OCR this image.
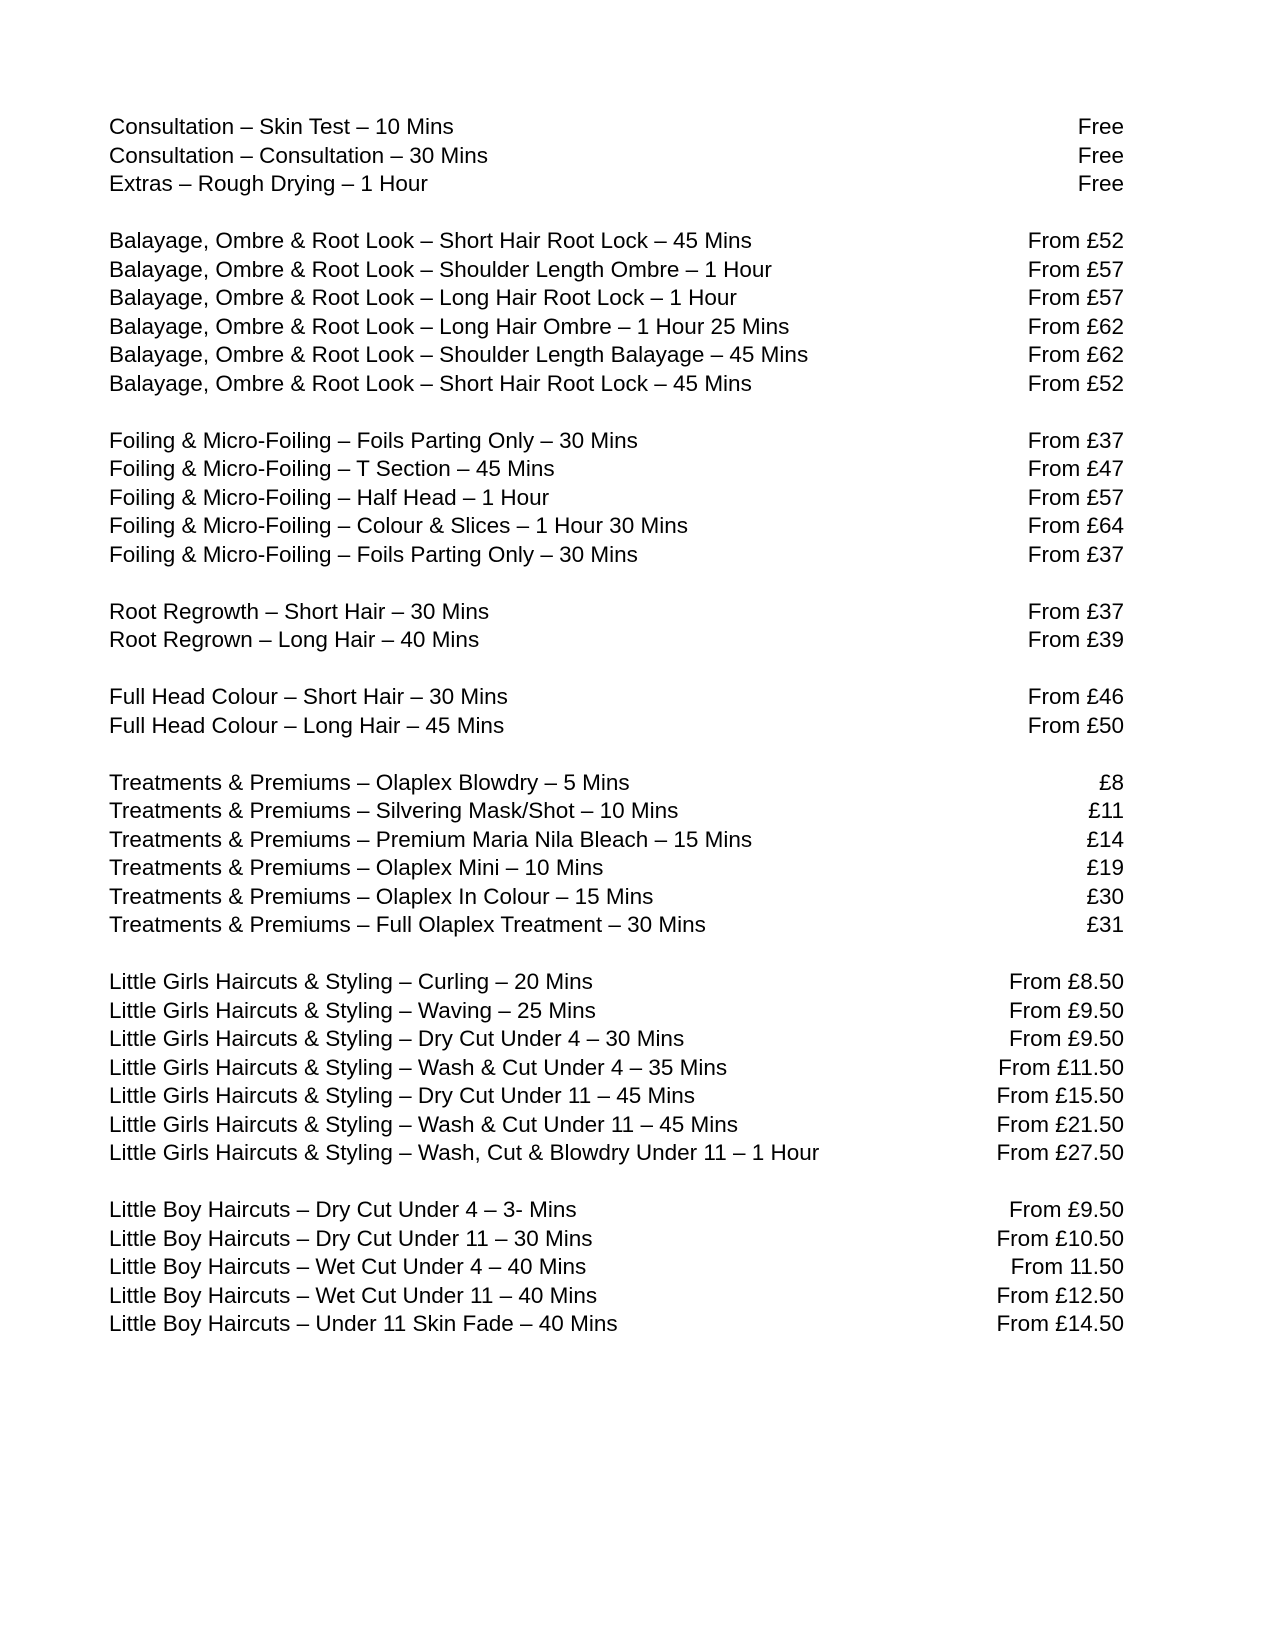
Consultation – Skin Test – 10 Mins	Free
Consultation – Consultation – 30 Mins	Free
Extras – Rough Drying – 1 Hour	Free
Balayage, Ombre & Root Look – Short Hair Root Lock – 45 Mins	From £52
Balayage, Ombre & Root Look – Shoulder Length Ombre – 1 Hour	From £57
Balayage, Ombre & Root Look – Long Hair Root Lock – 1 Hour	From £57
Balayage, Ombre & Root Look – Long Hair Ombre – 1 Hour 25 Mins	From £62
Balayage, Ombre & Root Look – Shoulder Length Balayage – 45 Mins	From £62
Balayage, Ombre & Root Look – Short Hair Root Lock – 45 Mins	From £52
Foiling & Micro-Foiling – Foils Parting Only – 30 Mins	From £37
Foiling & Micro-Foiling – T Section – 45 Mins	From £47
Foiling & Micro-Foiling – Half Head – 1 Hour	From £57
Foiling & Micro-Foiling – Colour & Slices – 1 Hour 30 Mins	From £64
Foiling & Micro-Foiling – Foils Parting Only – 30 Mins	From £37
Root Regrowth – Short Hair – 30 Mins	From £37
Root Regrown – Long Hair – 40 Mins	From £39
Full Head Colour – Short Hair – 30 Mins	From £46
Full Head Colour – Long Hair – 45 Mins	From £50
Treatments & Premiums – Olaplex Blowdry – 5 Mins	£8
Treatments & Premiums – Silvering Mask/Shot – 10 Mins	£11
Treatments & Premiums – Premium Maria Nila Bleach – 15 Mins	£14
Treatments & Premiums – Olaplex Mini – 10 Mins	£19
Treatments & Premiums – Olaplex In Colour – 15 Mins	£30
Treatments & Premiums – Full Olaplex Treatment – 30 Mins	£31
Little Girls Haircuts & Styling – Curling – 20 Mins	From £8.50
Little Girls Haircuts & Styling – Waving – 25 Mins	From £9.50
Little Girls Haircuts & Styling – Dry Cut Under 4 – 30 Mins	From £9.50
Little Girls Haircuts & Styling – Wash & Cut Under 4 – 35 Mins	From £11.50
Little Girls Haircuts & Styling – Dry Cut Under 11 – 45 Mins	From £15.50
Little Girls Haircuts & Styling – Wash & Cut Under 11 – 45 Mins	From £21.50
Little Girls Haircuts & Styling – Wash, Cut & Blowdry Under 11 – 1 Hour	From £27.50
Little Boy Haircuts – Dry Cut Under 4 – 3- Mins	From £9.50
Little Boy Haircuts – Dry Cut Under 11 – 30 Mins	From £10.50
Little Boy Haircuts – Wet Cut Under 4 – 40 Mins	From 11.50
Little Boy Haircuts – Wet Cut Under 11 – 40 Mins	From £12.50
Little Boy Haircuts – Under 11 Skin Fade – 40 Mins	From £14.50
